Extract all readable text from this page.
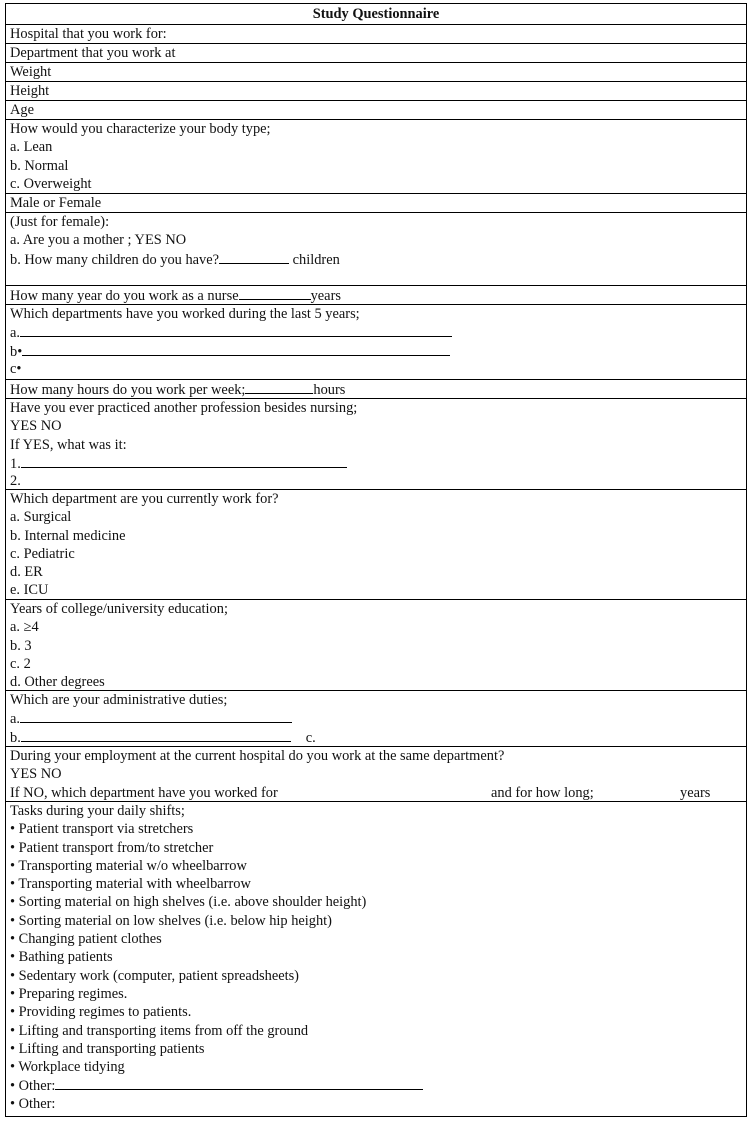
Study Questionnaire
Hospital that you work for:
Department that you work at
Weight
Height
Age
How would you characterize your body type;
a. Lean
b. Normal
c. Overweight
Male or Female
(Just for female):
a. Are you a mother ; YES NO
b. How many children do you have?	children
How many year do you work as a nurse	years
Which departments have you worked during the last 5 years;
a.
b•
c•
How many hours do you work per week;	hours
Have you ever practiced another profession besides nursing;
YES NO
If YES, what was it:
1.
2.
Which department are you currently work for?
a. Surgical
b. Internal medicine
c. Pediatric
d. ER
e. ICU
Years of college/university education;
a. ≥4
b. 3
c. 2
d. Other degrees
Which are your administrative duties;
a.
b.	c.
During your employment at the current hospital do you work at the same department?
YES NO
If NO, which department have you worked for	and for how long;	years
Tasks during your daily shifts;
• Patient transport via stretchers
• Patient transport from/to stretcher
• Transporting material w/o wheelbarrow
• Transporting material with wheelbarrow
• Sorting material on high shelves (i.e. above shoulder height)
• Sorting material on low shelves (i.e. below hip height)
• Changing patient clothes
• Bathing patients
• Sedentary work (computer, patient spreadsheets)
• Preparing regimes.
• Providing regimes to patients.
• Lifting and transporting items from off the ground
• Lifting and transporting patients
• Workplace tidying
• Other:
• Other:
